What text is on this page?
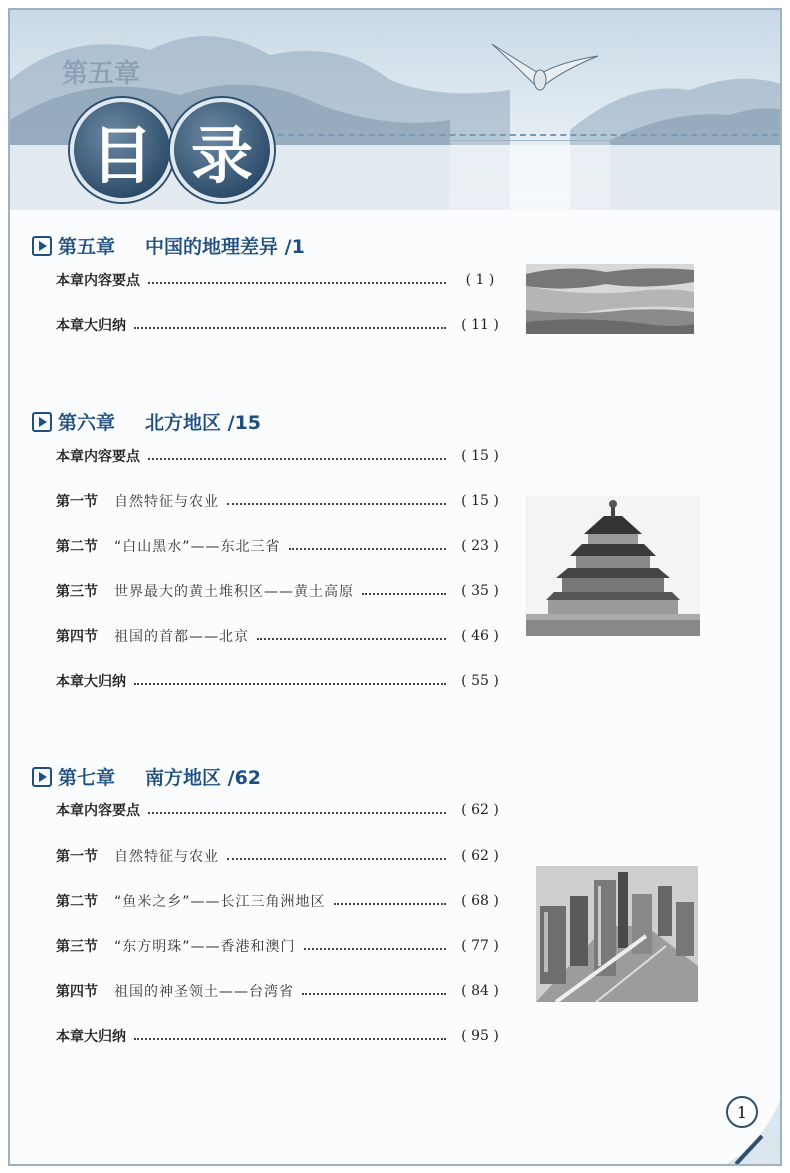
第五章
目 录
第五章 中国的地理差异 /1
本章内容要点	( 1 )
本章大归纳	( 11 )
第六章 北方地区 /15
本章内容要点	( 15 )
第一节 自然特征与农业	( 15 )
第二节 “白山黑水”——东北三省	( 23 )
第三节 世界最大的黄土堆积区——黄土高原	( 35 )
第四节 祖国的首都——北京	( 46 )
本章大归纳	( 55 )
第七章 南方地区 /62
本章内容要点	( 62 )
第一节 自然特征与农业	( 62 )
第二节 “鱼米之乡”——长江三角洲地区	( 68 )
第三节 “东方明珠”——香港和澳门	( 77 )
第四节 祖国的神圣领土——台湾省	( 84 )
本章大归纳	( 95 )
1
